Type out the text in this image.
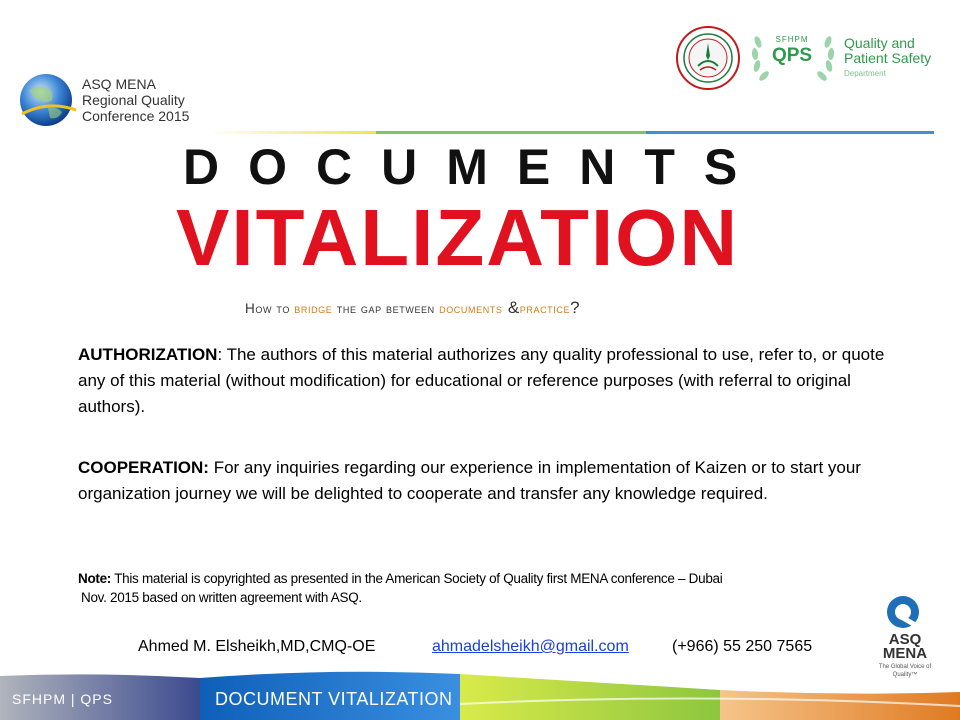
ASQ MENA
Regional Quality
Conference 2015
SFHPM
QPS
Quality and
Patient Safety
Department
DOCUMENTS
VITALIZATION
How to bridge the gap between documents &practice?
AUTHORIZATION: The authors of this material authorizes any quality professional to use, refer to, or quote any of this material (without modification) for educational or reference purposes (with referral to original authors).
COOPERATION: For any inquiries regarding our experience in implementation of Kaizen or to start your organization journey we will be delighted to cooperate and transfer any knowledge required.
Note: This material is copyrighted as presented in the American Society of Quality first MENA conference – Dubai
Nov. 2015 based on written agreement with ASQ.
Ahmed M. Elsheikh,MD,CMQ-OE	ahmadelsheikh@gmail.com	(+966) 55 250 7565	ASQ
MENA
The Global Voice of Quality™
SFHPM | QPS	DOCUMENT VITALIZATION
